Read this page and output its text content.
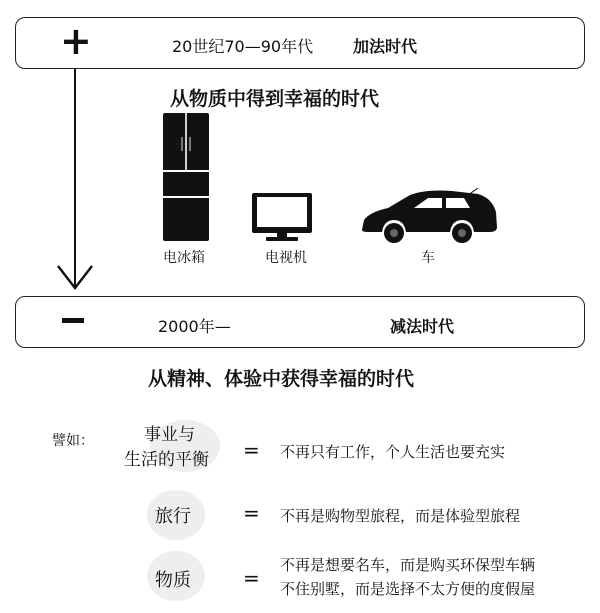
+	20世纪70—90年代 加法时代
从物质中得到幸福的时代
电冰箱	电视机	车
2000年—	减法时代
从精神、体验中获得幸福的时代
譬如：	事业与
生活的平衡 = 不再只有工作，个人生活也要充实
旅行	= 不再是购物型旅程，而是体验型旅程
物质	=
不再是想要名车，而是购买环保型车辆
不住别墅，而是选择不太方便的度假屋
